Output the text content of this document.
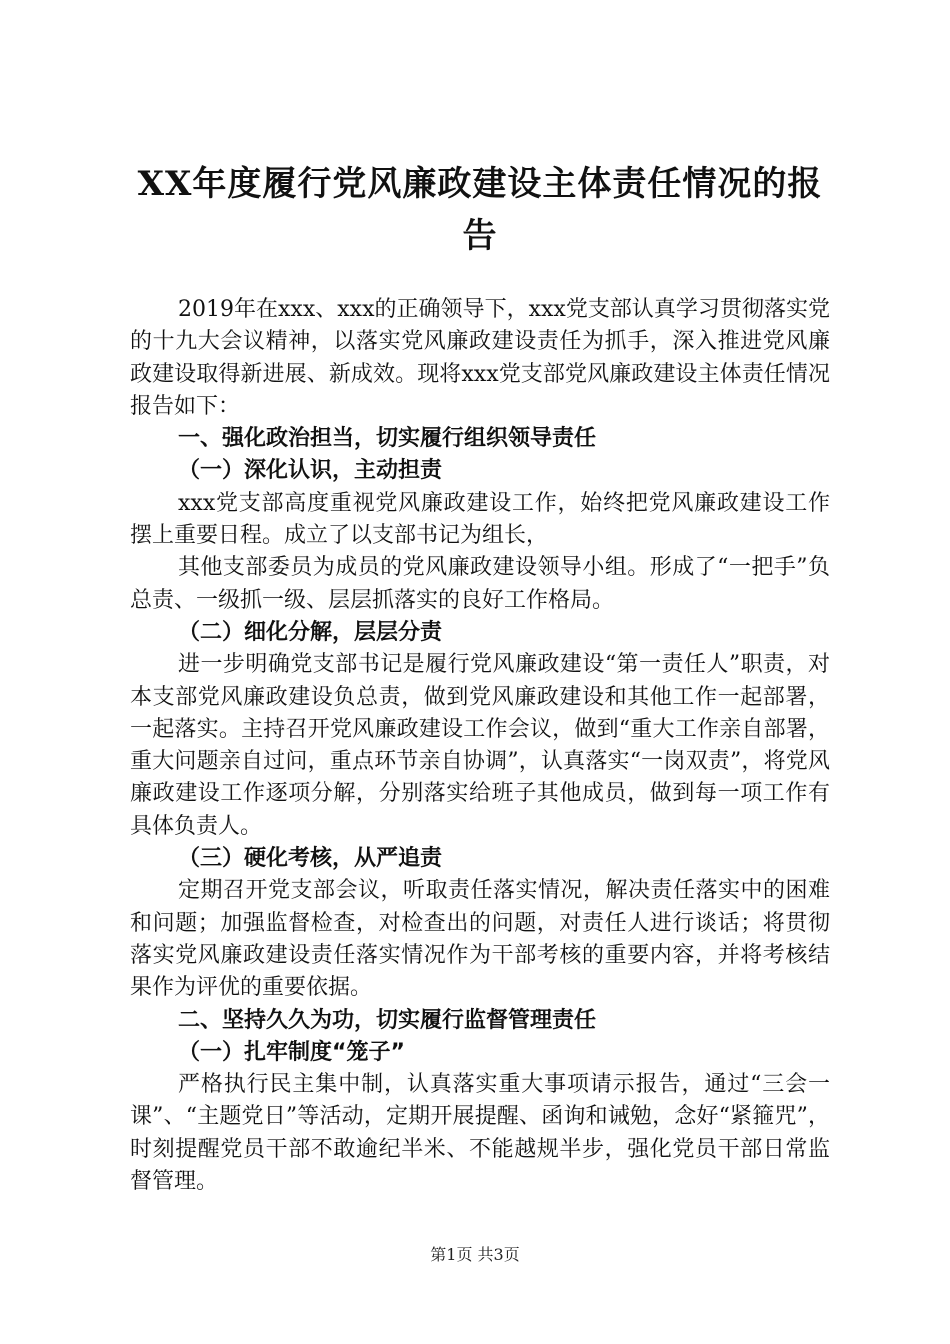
XX年度履行党风廉政建设主体责任情况的报告

2019年在xxx、xxx的正确领导下，xxx党支部认真学习贯彻落实党的十九大会议精神，以落实党风廉政建设责任为抓手，深入推进党风廉政建设取得新进展、新成效。现将xxx党支部党风廉政建设主体责任情况报告如下：

一、强化政治担当，切实履行组织领导责任

（一）深化认识，主动担责

xxx党支部高度重视党风廉政建设工作，始终把党风廉政建设工作摆上重要日程。成立了以支部书记为组长，

其他支部委员为成员的党风廉政建设领导小组。形成了“一把手”负总责、一级抓一级、层层抓落实的良好工作格局。

（二）细化分解，层层分责

进一步明确党支部书记是履行党风廉政建设“第一责任人”职责，对本支部党风廉政建设负总责，做到党风廉政建设和其他工作一起部署，一起落实。主持召开党风廉政建设工作会议，做到“重大工作亲自部署，重大问题亲自过问，重点环节亲自协调”，认真落实“一岗双责”，将党风廉政建设工作逐项分解，分别落实给班子其他成员，做到每一项工作有具体负责人。

（三）硬化考核，从严追责

定期召开党支部会议，听取责任落实情况，解决责任落实中的困难和问题；加强监督检查，对检查出的问题，对责任人进行谈话；将贯彻落实党风廉政建设责任落实情况作为干部考核的重要内容，并将考核结果作为评优的重要依据。

二、坚持久久为功，切实履行监督管理责任

（一）扎牢制度“笼子”

严格执行民主集中制，认真落实重大事项请示报告，通过“三会一课”、“主题党日”等活动，定期开展提醒、函询和诫勉，念好“紧箍咒”，时刻提醒党员干部不敢逾纪半米、不能越规半步，强化党员干部日常监督管理。

第1页 共3页
